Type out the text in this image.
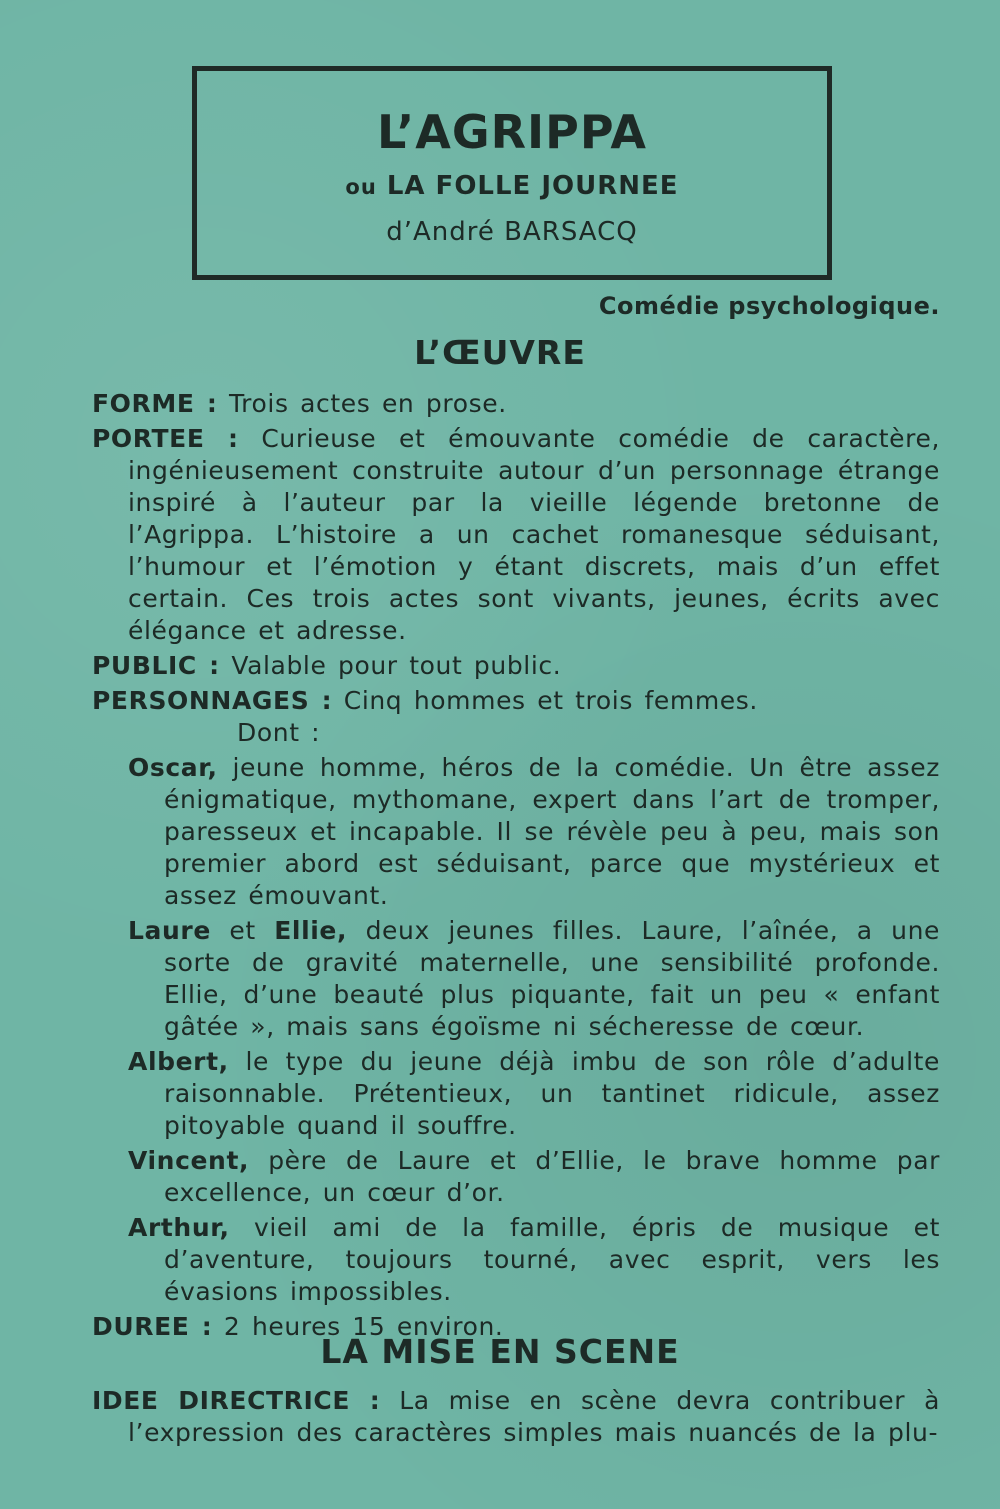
L’AGRIPPA
ou LA FOLLE JOURNEE
d’André BARSACQ
Comédie psychologique.
L’ŒUVRE

FORME : Trois actes en prose.

PORTEE : Curieuse et émouvante comédie de caractère, ingénieusement construite autour d’un personnage étrange inspiré à l’auteur par la vieille légende bretonne de l’Agrippa. L’histoire a un cachet romanesque séduisant, l’humour et l’émotion y étant discrets, mais d’un effet certain. Ces trois actes sont vivants, jeunes, écrits avec élégance et adresse.

PUBLIC : Valable pour tout public.

PERSONNAGES : Cinq hommes et trois femmes.

Dont :

Oscar, jeune homme, héros de la comédie. Un être assez énigmatique, mythomane, expert dans l’art de tromper, paresseux et incapable. Il se révèle peu à peu, mais son premier abord est séduisant, parce que mystérieux et assez émouvant.

Laure et Ellie, deux jeunes filles. Laure, l’aînée, a une sorte de gravité maternelle, une sensibilité profonde. Ellie, d’une beauté plus piquante, fait un peu « enfant gâtée », mais sans égoïsme ni sécheresse de cœur.

Albert, le type du jeune déjà imbu de son rôle d’adulte raisonnable. Prétentieux, un tantinet ridicule, assez pitoyable quand il souffre.

Vincent, père de Laure et d’Ellie, le brave homme par excellence, un cœur d’or.

Arthur, vieil ami de la famille, épris de musique et d’aventure, toujours tourné, avec esprit, vers les évasions impossibles.

DUREE : 2 heures 15 environ.

LA MISE EN SCENE

IDEE DIRECTRICE : La mise en scène devra contribuer à l’expression des caractères simples mais nuancés de la plu-
